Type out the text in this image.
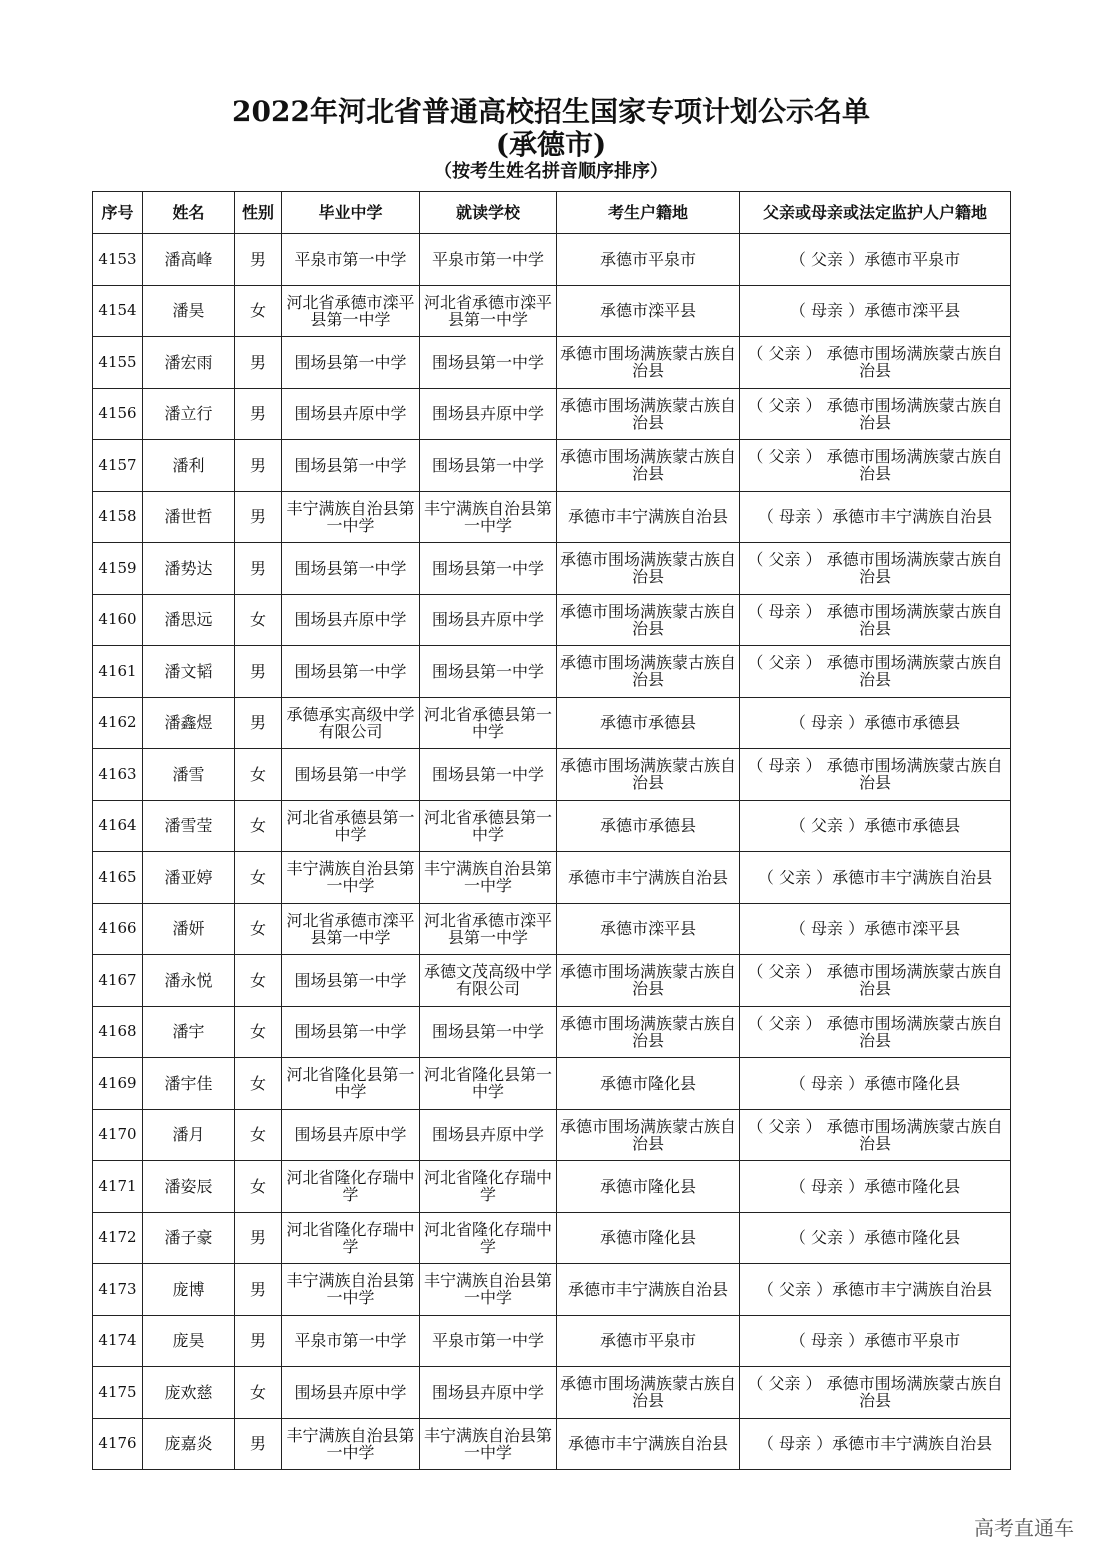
2022年河北省普通高校招生国家专项计划公示名单
(承德市)
（按考生姓名拼音顺序排序）
序号	姓名	性别	毕业中学	就读学校	考生户籍地	父亲或母亲或法定监护人户籍地
4153	潘高峰	男	平泉市第一中学	平泉市第一中学	承德市平泉市	（ 父亲 ）承德市平泉市
4154	潘昊	女	河北省承德市滦平县第一中学	河北省承德市滦平县第一中学	承德市滦平县	（ 母亲 ）承德市滦平县
4155	潘宏雨	男	围场县第一中学	围场县第一中学	承德市围场满族蒙古族自治县	（ 父亲 ） 承德市围场满族蒙古族自治县
4156	潘立行	男	围场县卉原中学	围场县卉原中学	承德市围场满族蒙古族自治县	（ 父亲 ） 承德市围场满族蒙古族自治县
4157	潘利	男	围场县第一中学	围场县第一中学	承德市围场满族蒙古族自治县	（ 父亲 ） 承德市围场满族蒙古族自治县
4158	潘世哲	男	丰宁满族自治县第一中学	丰宁满族自治县第一中学	承德市丰宁满族自治县	（ 母亲 ）承德市丰宁满族自治县
4159	潘势达	男	围场县第一中学	围场县第一中学	承德市围场满族蒙古族自治县	（ 父亲 ） 承德市围场满族蒙古族自治县
4160	潘思远	女	围场县卉原中学	围场县卉原中学	承德市围场满族蒙古族自治县	（ 母亲 ） 承德市围场满族蒙古族自治县
4161	潘文韬	男	围场县第一中学	围场县第一中学	承德市围场满族蒙古族自治县	（ 父亲 ） 承德市围场满族蒙古族自治县
4162	潘鑫煜	男	承德承实高级中学有限公司	河北省承德县第一中学	承德市承德县	（ 母亲 ）承德市承德县
4163	潘雪	女	围场县第一中学	围场县第一中学	承德市围场满族蒙古族自治县	（ 母亲 ） 承德市围场满族蒙古族自治县
4164	潘雪莹	女	河北省承德县第一中学	河北省承德县第一中学	承德市承德县	（ 父亲 ）承德市承德县
4165	潘亚婷	女	丰宁满族自治县第一中学	丰宁满族自治县第一中学	承德市丰宁满族自治县	（ 父亲 ）承德市丰宁满族自治县
4166	潘妍	女	河北省承德市滦平县第一中学	河北省承德市滦平县第一中学	承德市滦平县	（ 母亲 ）承德市滦平县
4167	潘永悦	女	围场县第一中学	承德文茂高级中学有限公司	承德市围场满族蒙古族自治县	（ 父亲 ） 承德市围场满族蒙古族自治县
4168	潘宇	女	围场县第一中学	围场县第一中学	承德市围场满族蒙古族自治县	（ 父亲 ） 承德市围场满族蒙古族自治县
4169	潘宇佳	女	河北省隆化县第一中学	河北省隆化县第一中学	承德市隆化县	（ 母亲 ）承德市隆化县
4170	潘月	女	围场县卉原中学	围场县卉原中学	承德市围场满族蒙古族自治县	（ 父亲 ） 承德市围场满族蒙古族自治县
4171	潘姿辰	女	河北省隆化存瑞中学	河北省隆化存瑞中学	承德市隆化县	（ 母亲 ）承德市隆化县
4172	潘子豪	男	河北省隆化存瑞中学	河北省隆化存瑞中学	承德市隆化县	（ 父亲 ）承德市隆化县
4173	庞博	男	丰宁满族自治县第一中学	丰宁满族自治县第一中学	承德市丰宁满族自治县	（ 父亲 ）承德市丰宁满族自治县
4174	庞昊	男	平泉市第一中学	平泉市第一中学	承德市平泉市	（ 母亲 ）承德市平泉市
4175	庞欢慈	女	围场县卉原中学	围场县卉原中学	承德市围场满族蒙古族自治县	（ 父亲 ） 承德市围场满族蒙古族自治县
4176	庞嘉炎	男	丰宁满族自治县第一中学	丰宁满族自治县第一中学	承德市丰宁满族自治县	（ 母亲 ）承德市丰宁满族自治县
高考直通车
